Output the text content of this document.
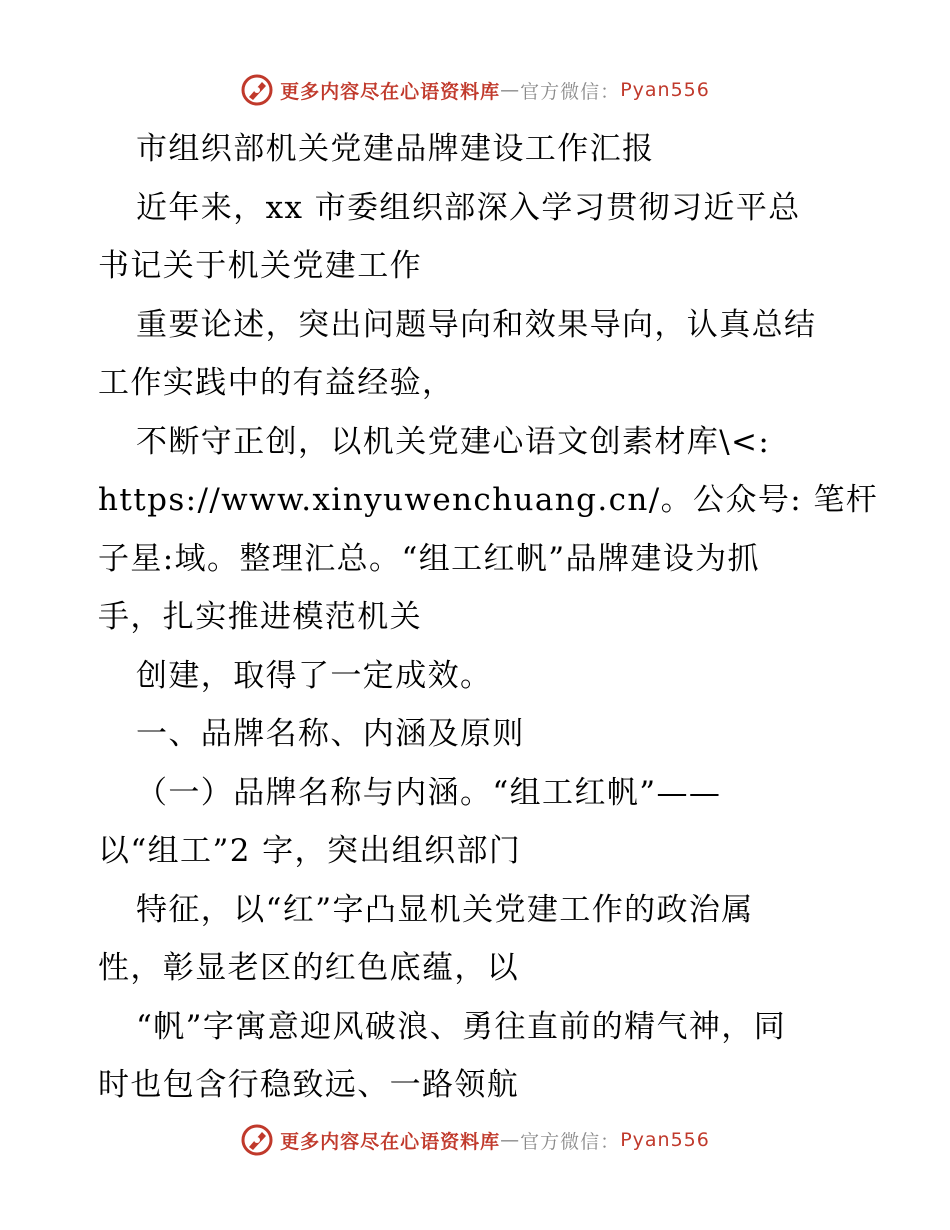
更多内容尽在心语资料库 — 官方微信： Pyan556
市组织部机关党建品牌建设工作汇报
近年来，xx 市委组织部深入学习贯彻习近平总
书记关于机关党建工作
重要论述，突出问题导向和效果导向，认真总结
工作实践中的有益经验，
不断守正创，以机关党建心语文创素材库\<:
https://www.xinyuwenchuang.cn/。公众号: 笔杆
子星:域。整理汇总。“组工红帆”品牌建设为抓
手，扎实推进模范机关
创建，取得了一定成效。
一、品牌名称、内涵及原则
（一）品牌名称与内涵。“组工红帆”——
以“组工”2 字，突出组织部门
特征，以“红”字凸显机关党建工作的政治属
性，彰显老区的红色底蕴，以
“帆”字寓意迎风破浪、勇往直前的精气神，同
时也包含行稳致远、一路领航
更多内容尽在心语资料库 — 官方微信： Pyan556
